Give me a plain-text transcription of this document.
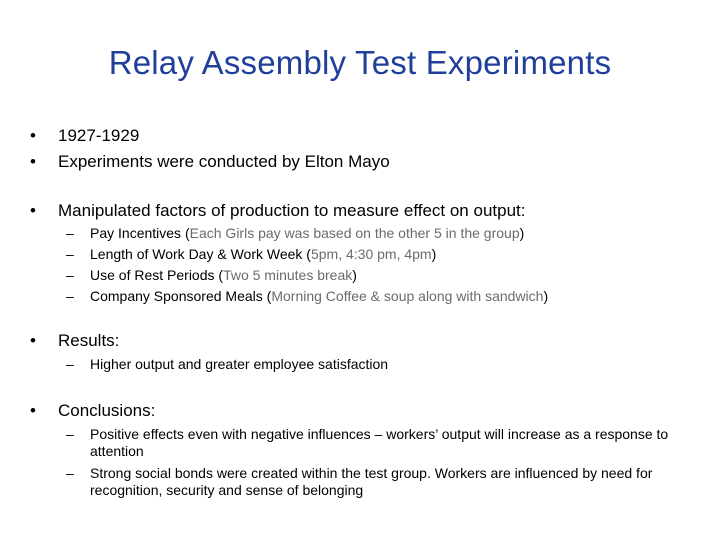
Relay Assembly Test Experiments
• 1927-1929
• Experiments were conducted by Elton Mayo
• Manipulated factors of production to measure effect on output:
– Pay Incentives (Each Girls pay was based on the other 5 in the group)
– Length of Work Day & Work Week (5pm, 4:30 pm, 4pm)
– Use of Rest Periods (Two 5 minutes break)
– Company Sponsored Meals (Morning Coffee & soup along with sandwich)
• Results:
– Higher output and greater employee satisfaction
• Conclusions:
– Positive effects even with negative influences – workers’ output will increase as a response to attention
– Strong social bonds were created within the test group. Workers are influenced by need for recognition, security and sense of belonging
